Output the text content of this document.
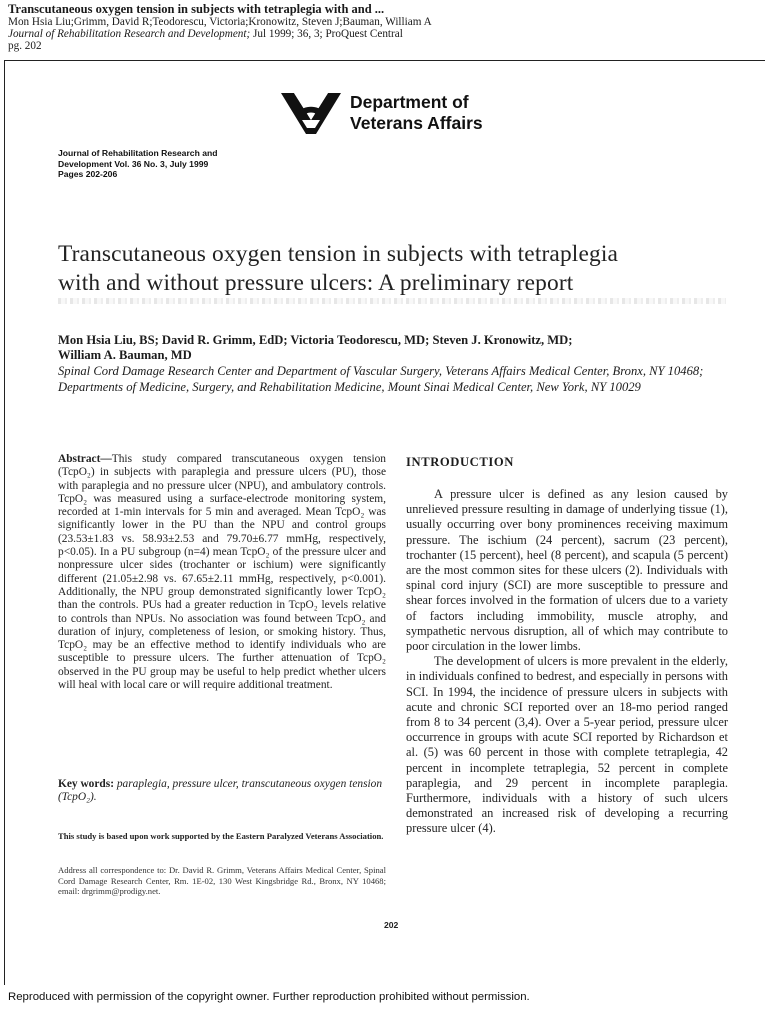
Transcutaneous oxygen tension in subjects with tetraplegia with and ...
Mon Hsia Liu;Grimm, David R;Teodorescu, Victoria;Kronowitz, Steven J;Bauman, William A
Journal of Rehabilitation Research and Development; Jul 1999; 36, 3; ProQuest Central
pg. 202
Department of
Veterans Affairs
Journal of Rehabilitation Research and
Development Vol. 36 No. 3, July 1999
Pages 202-206
Transcutaneous oxygen tension in subjects with tetraplegia
with and without pressure ulcers: A preliminary report
Mon Hsia Liu, BS; David R. Grimm, EdD; Victoria Teodorescu, MD; Steven J. Kronowitz, MD;
William A. Bauman, MD
Spinal Cord Damage Research Center and Department of Vascular Surgery, Veterans Affairs Medical Center, Bronx, NY 10468; Departments of Medicine, Surgery, and Rehabilitation Medicine, Mount Sinai Medical Center, New York, NY 10029
Abstract—This study compared transcutaneous oxygen tension (TcpO₂) in subjects with paraplegia and pressure ulcers (PU), those with paraplegia and no pressure ulcer (NPU), and ambulatory controls. TcpO₂ was measured using a surface-electrode monitoring system, recorded at 1-min intervals for 5 min and averaged. Mean TcpO₂ was significantly lower in the PU than the NPU and control groups (23.53±1.83 vs. 58.93±2.53 and 79.70±6.77 mmHg, respectively, p<0.05). In a PU subgroup (n=4) mean TcpO₂ of the pressure ulcer and nonpressure ulcer sides (trochanter or ischium) were significantly different (21.05±2.98 vs. 67.65±2.11 mmHg, respectively, p<0.001). Additionally, the NPU group demonstrated significantly lower TcpO₂ than the controls. PUs had a greater reduction in TcpO₂ levels relative to controls than NPUs. No association was found between TcpO₂ and duration of injury, completeness of lesion, or smoking history. Thus, TcpO₂ may be an effective method to identify individuals who are susceptible to pressure ulcers. The further attenuation of TcpO₂ observed in the PU group may be useful to help predict whether ulcers will heal with local care or will require additional treatment.
Key words: paraplegia, pressure ulcer, transcutaneous oxygen tension (TcpO₂).
This study is based upon work supported by the Eastern Paralyzed Veterans Association.
Address all correspondence to: Dr. David R. Grimm, Veterans Affairs Medical Center, Spinal Cord Damage Research Center, Rm. 1E-02, 130 West Kingsbridge Rd., Bronx, NY 10468; email: drgrimm@prodigy.net.
INTRODUCTION

A pressure ulcer is defined as any lesion caused by unrelieved pressure resulting in damage of underlying tissue (1), usually occurring over bony prominences receiving maximum pressure. The ischium (24 percent), sacrum (23 percent), trochanter (15 percent), heel (8 percent), and scapula (5 percent) are the most common sites for these ulcers (2). Individuals with spinal cord injury (SCI) are more susceptible to pressure and shear forces involved in the formation of ulcers due to a variety of factors including immobility, muscle atrophy, and sympathetic nervous disruption, all of which may contribute to poor circulation in the lower limbs.

The development of ulcers is more prevalent in the elderly, in individuals confined to bedrest, and especially in persons with SCI. In 1994, the incidence of pressure ulcers in subjects with acute and chronic SCI reported over an 18-mo period ranged from 8 to 34 percent (3,4). Over a 5-year period, pressure ulcer occurrence in groups with acute SCI reported by Richardson et al. (5) was 60 percent in those with complete tetraplegia, 42 percent in incomplete tetraplegia, 52 percent in complete paraplegia, and 29 percent in incomplete paraplegia. Furthermore, individuals with a history of such ulcers demonstrated an increased risk of developing a recurring pressure ulcer (4).

202
Reproduced with permission of the copyright owner. Further reproduction prohibited without permission.
